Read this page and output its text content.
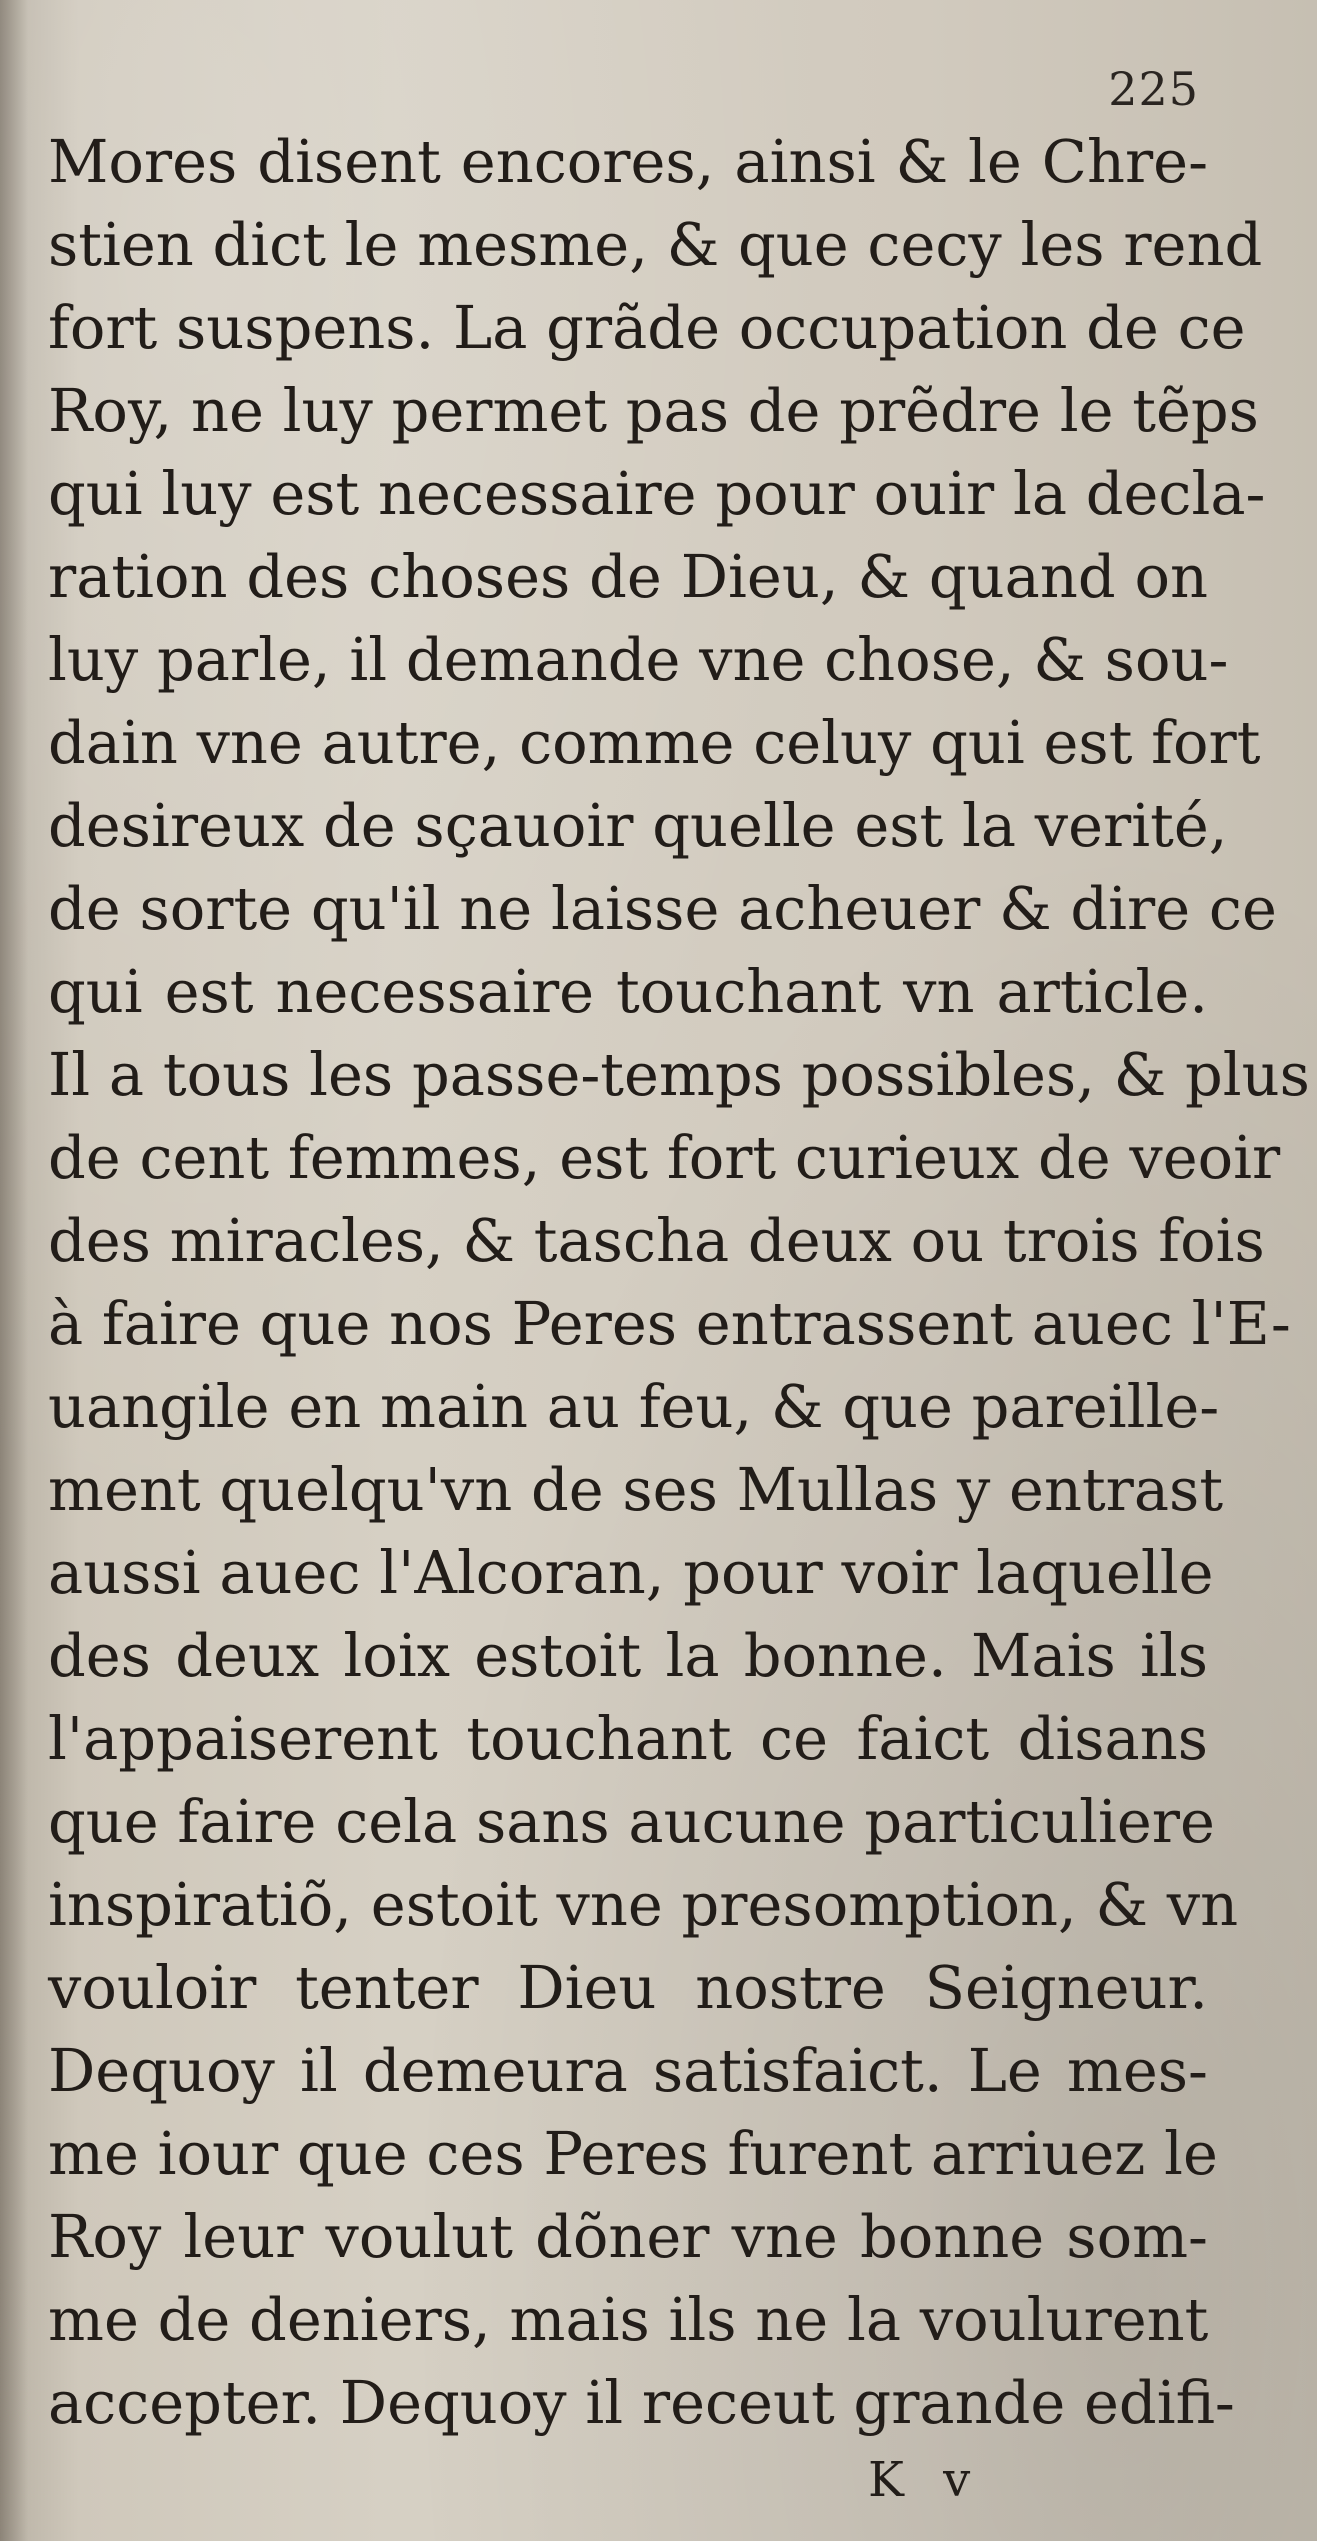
225
Mores disent encores, ainsi & le Chre-
stien dict le mesme, & que cecy les rend
fort suspens. La grãde occupation de ce
Roy, ne luy permet pas de prẽdre le tẽps
qui luy est necessaire pour ouir la decla-
ration des choses de Dieu, & quand on
luy parle, il demande vne chose, & sou-
dain vne autre, comme celuy qui est fort
desireux de sçauoir quelle est la verité,
de sorte qu'il ne laisse acheuer & dire ce
qui est necessaire touchant vn article.
Il a tous les passe-temps possibles, & plus
de cent femmes, est fort curieux de veoir
des miracles, & tascha deux ou trois fois
à faire que nos Peres entrassent auec l'E-
uangile en main au feu, & que pareille-
ment quelqu'vn de ses Mullas y entrast
aussi auec l'Alcoran, pour voir laquelle
des deux loix estoit la bonne. Mais ils
l'appaiserent touchant ce faict disans
que faire cela sans aucune particuliere
inspiratiõ, estoit vne presomption, & vn
vouloir tenter Dieu nostre Seigneur.
Dequoy il demeura satisfaict. Le mes-
me iour que ces Peres furent arriuez le
Roy leur voulut dõner vne bonne som-
me de deniers, mais ils ne la voulurent
accepter. Dequoy il receut grande edifi-
K v
